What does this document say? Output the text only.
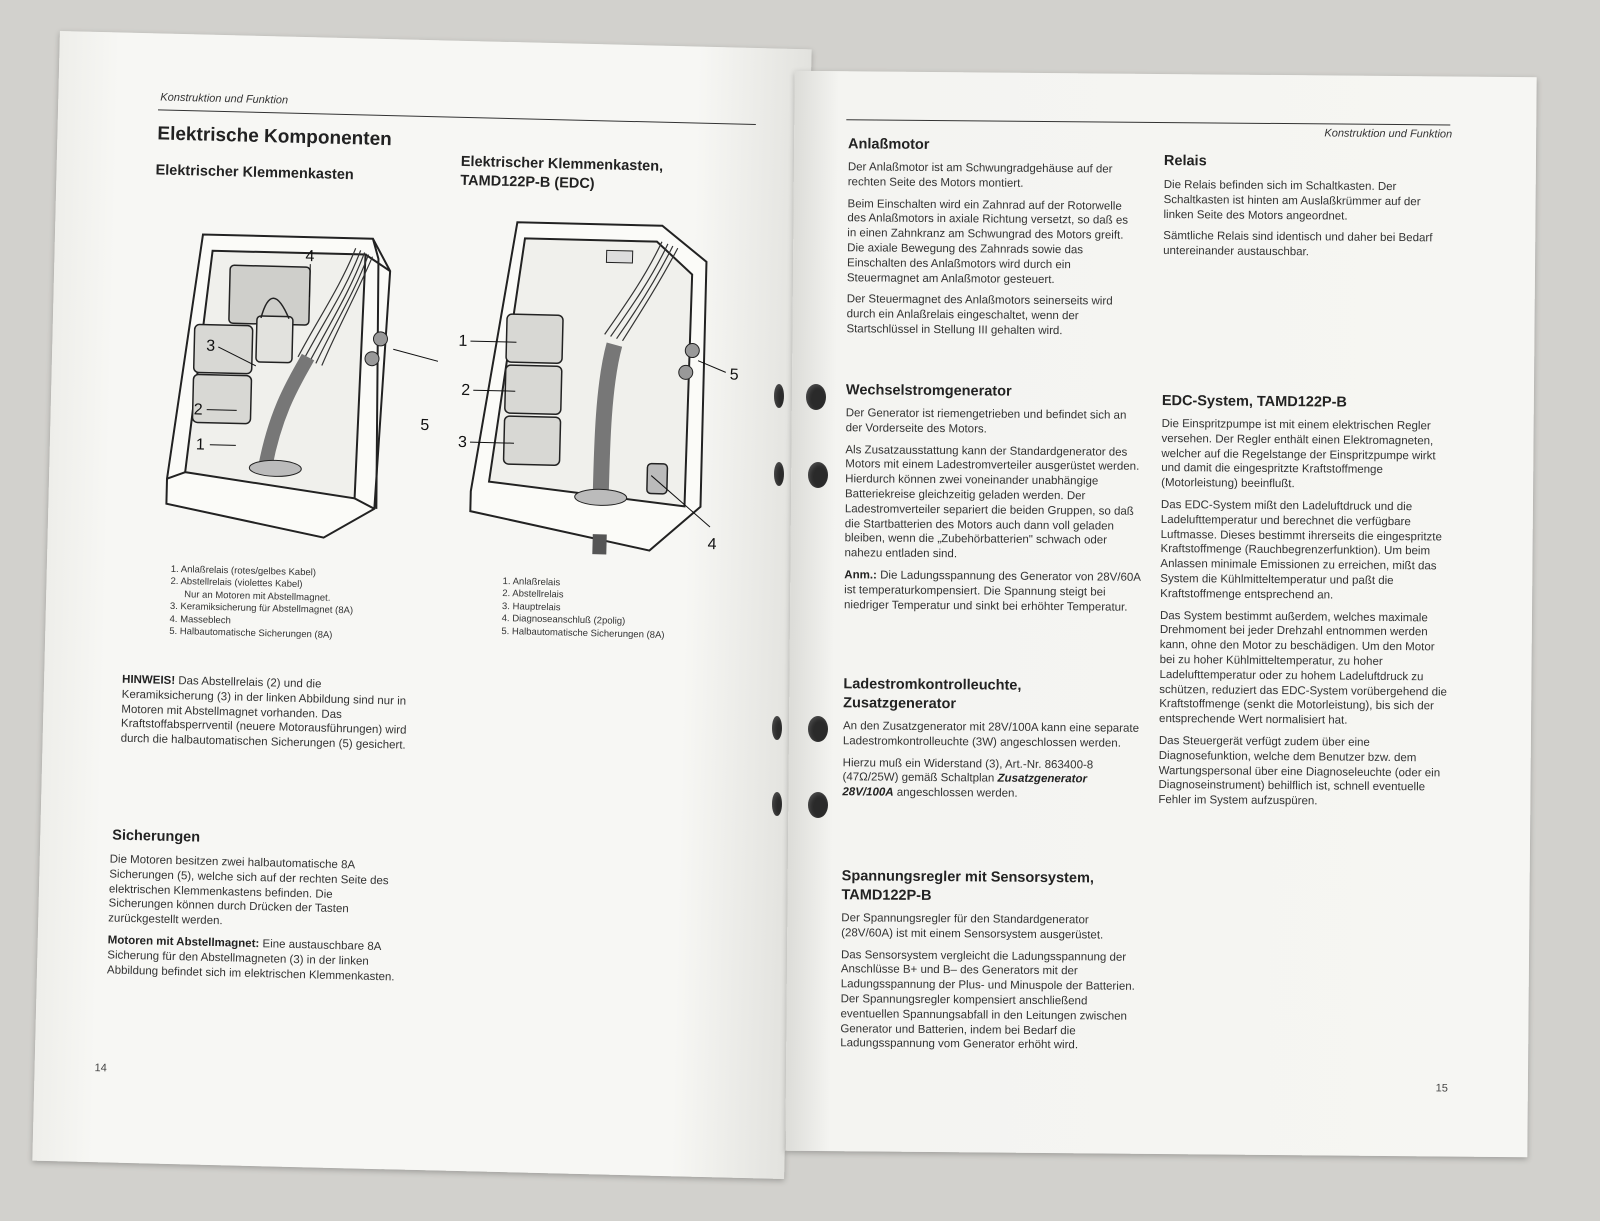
Konstruktion und Funktion
Elektrische Komponenten
Elektrischer Klemmenkasten	Elektrischer Klemmenkasten,
TAMD122P-B (EDC)
4
3
2
1
5
1
2
3
4
5
1. Anlaßrelais (rotes/gelbes Kabel)
2. Abstellrelais (violettes Kabel)
Nur an Motoren mit Abstellmagnet.
3. Keramiksicherung für Abstellmagnet (8A)
4. Masseblech
5. Halbautomatische Sicherungen (8A)
1. Anlaßrelais
2. Abstellrelais
3. Hauptrelais
4. Diagnoseanschluß (2polig)
5. Halbautomatische Sicherungen (8A)
HINWEIS! Das Abstellrelais (2) und die Keramiksicherung (3) in der linken Abbildung sind nur in Motoren mit Abstellmagnet vorhanden. Das Kraftstoffabsperrventil (neuere Motorausführungen) wird durch die halbautomatischen Sicherungen (5) gesichert.
Sicherungen

Die Motoren besitzen zwei halbautomatische 8A Sicherungen (5), welche sich auf der rechten Seite des elektrischen Klemmenkastens befinden. Die Sicherungen können durch Drücken der Tasten zurückgestellt werden.

Motoren mit Abstellmagnet: Eine austauschbare 8A Sicherung für den Abstellmagneten (3) in der linken Abbildung befindet sich im elektrischen Klemmenkasten.

14
Konstruktion und Funktion
Anlaßmotor

Der Anlaßmotor ist am Schwungradgehäuse auf der rechten Seite des Motors montiert.

Beim Einschalten wird ein Zahnrad auf der Rotorwelle des Anlaßmotors in axiale Richtung versetzt, so daß es in einen Zahnkranz am Schwungrad des Motors greift. Die axiale Bewegung des Zahnrads sowie das Einschalten des Anlaßmotors wird durch ein Steuermagnet am Anlaßmotor gesteuert.

Der Steuermagnet des Anlaßmotors seinerseits wird durch ein Anlaßrelais eingeschaltet, wenn der Startschlüssel in Stellung III gehalten wird.

Wechselstromgenerator

Der Generator ist riemengetrieben und befindet sich an der Vorderseite des Motors.

Als Zusatzausstattung kann der Standardgenerator des Motors mit einem Ladestromverteiler ausgerüstet werden. Hierdurch können zwei voneinander unabhängige Batteriekreise gleichzeitig geladen werden. Der Ladestromverteiler separiert die beiden Gruppen, so daß die Startbatterien des Motors auch dann voll geladen bleiben, wenn die „Zubehörbatterien" schwach oder nahezu entladen sind.

Anm.: Die Ladungsspannung des Generator von 28V/60A ist temperaturkompensiert. Die Spannung steigt bei niedriger Temperatur und sinkt bei erhöhter Temperatur.

Ladestromkontrolleuchte,
Zusatzgenerator

An den Zusatzgenerator mit 28V/100A kann eine separate Ladestromkontrolleuchte (3W) angeschlossen werden.

Hierzu muß ein Widerstand (3), Art.-Nr. 863400-8 (47Ω/25W) gemäß Schaltplan Zusatzgenerator 28V/100A angeschlossen werden.

Spannungsregler mit Sensorsystem,
TAMD122P-B

Der Spannungsregler für den Standardgenerator (28V/60A) ist mit einem Sensorsystem ausgerüstet.

Das Sensorsystem vergleicht die Ladungsspannung der Anschlüsse B+ und B– des Generators mit der Ladungsspannung der Plus- und Minuspole der Batterien. Der Spannungsregler kompensiert anschließend eventuellen Spannungsabfall in den Leitungen zwischen Generator und Batterien, indem bei Bedarf die Ladungsspannung vom Generator erhöht wird.

Relais

Die Relais befinden sich im Schaltkasten. Der Schaltkasten ist hinten am Auslaßkrümmer auf der linken Seite des Motors angeordnet.

Sämtliche Relais sind identisch und daher bei Bedarf untereinander austauschbar.

EDC-System, TAMD122P-B

Die Einspritzpumpe ist mit einem elektrischen Regler versehen. Der Regler enthält einen Elektromagneten, welcher auf die Regelstange der Einspritzpumpe wirkt und damit die eingespritzte Kraftstoffmenge (Motorleistung) beeinflußt.

Das EDC-System mißt den Ladeluftdruck und die Ladelufttemperatur und berechnet die verfügbare Luftmasse. Dieses bestimmt ihrerseits die eingespritzte Kraftstoffmenge (Rauchbegrenzerfunktion). Um beim Anlassen minimale Emissionen zu erreichen, mißt das System die Kühlmitteltemperatur und paßt die Kraftstoffmenge entsprechend an.

Das System bestimmt außerdem, welches maximale Drehmoment bei jeder Drehzahl entnommen werden kann, ohne den Motor zu beschädigen. Um den Motor bei zu hoher Kühlmitteltemperatur, zu hoher Ladelufttemperatur oder zu hohem Ladeluftdruck zu schützen, reduziert das EDC-System vorübergehend die Kraftstoffmenge (senkt die Motorleistung), bis sich der entsprechende Wert normalisiert hat.

Das Steuergerät verfügt zudem über eine Diagnosefunktion, welche dem Benutzer bzw. dem Wartungspersonal über eine Diagnoseleuchte (oder ein Diagnoseinstrument) behilflich ist, schnell eventuelle Fehler im System aufzuspüren.

15
